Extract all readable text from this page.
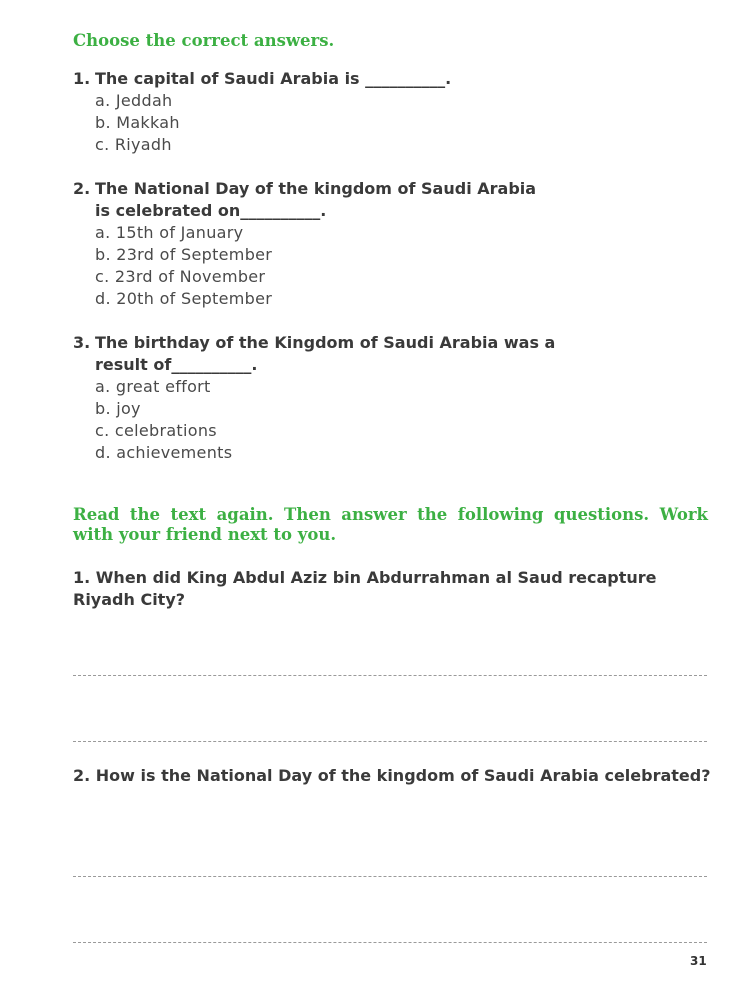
Choose the correct answers.
1. The capital of Saudi Arabia is __________.
a. Jeddah
b. Makkah
c. Riyadh
2. The National Day of the kingdom of Saudi Arabia
is celebrated on__________.
a. 15th of January
b. 23rd of September
c. 23rd of November
d. 20th of September
3. The birthday of the Kingdom of Saudi Arabia was a
result of__________.
a. great effort
b. joy
c. celebrations
d. achievements
Read the text again. Then answer the following questions. Work with your friend next to you.
1. When did King Abdul Aziz bin Abdurrahman al Saud recapture Riyadh City?
2. How is the National Day of the kingdom of Saudi Arabia celebrated?
31
